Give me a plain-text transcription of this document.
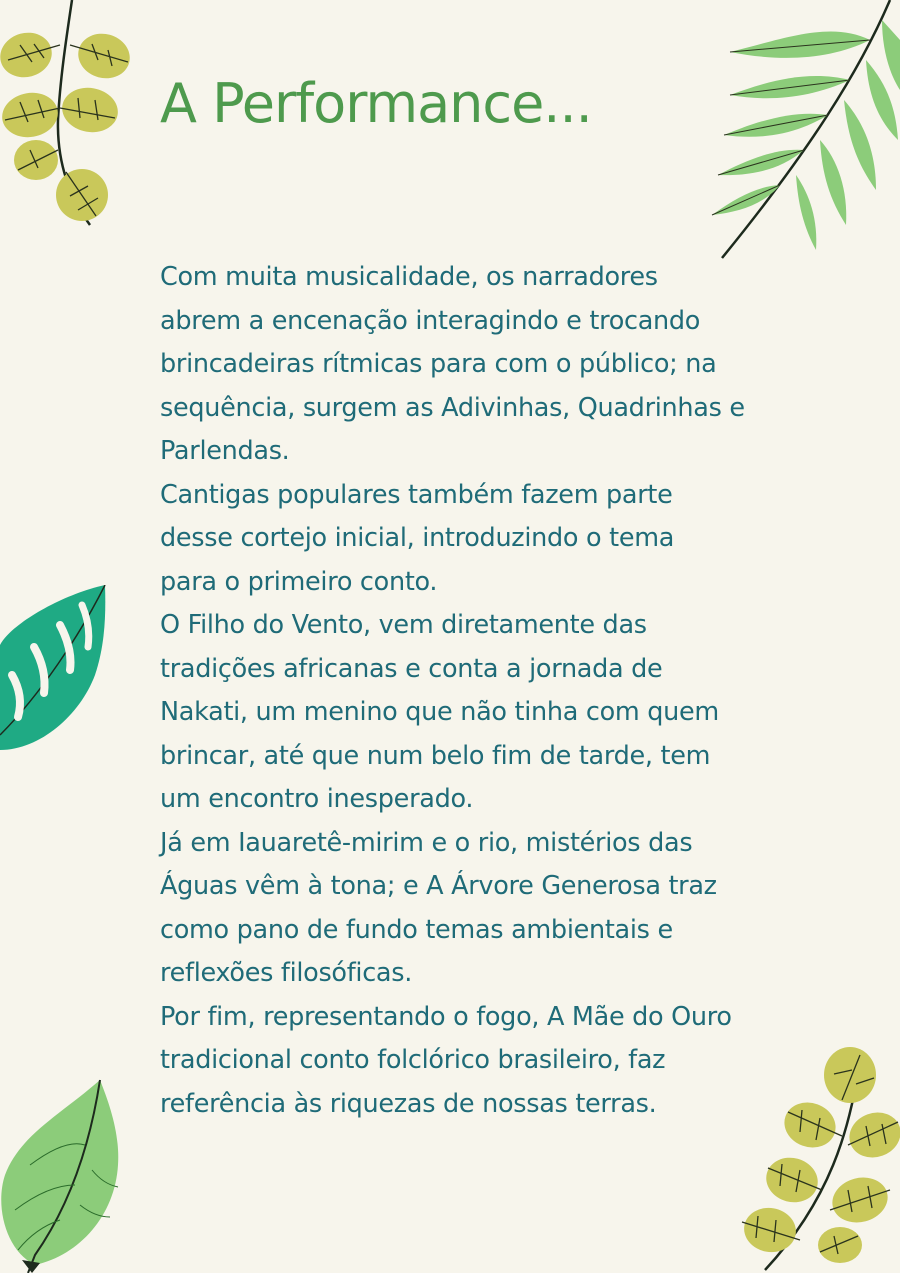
A Performance...

Com muita musicalidade, os narradores
abrem a encenação interagindo e trocando
brincadeiras rítmicas para com o público; na
sequência, surgem as Adivinhas, Quadrinhas e
Parlendas.

Cantigas populares também fazem parte
desse cortejo inicial, introduzindo o tema
para o primeiro conto.

O Filho do Vento, vem diretamente das
tradições africanas e conta a jornada de
Nakati, um menino que não tinha com quem
brincar, até que num belo fim de tarde, tem
um encontro inesperado.

Já em Iauaretê-mirim e o rio, mistérios das
Águas vêm à tona; e A Árvore Generosa traz
como pano de fundo temas ambientais e
reflexões filosóficas.

Por fim, representando o fogo, A Mãe do Ouro
tradicional conto folclórico brasileiro, faz
referência às riquezas de nossas terras.
